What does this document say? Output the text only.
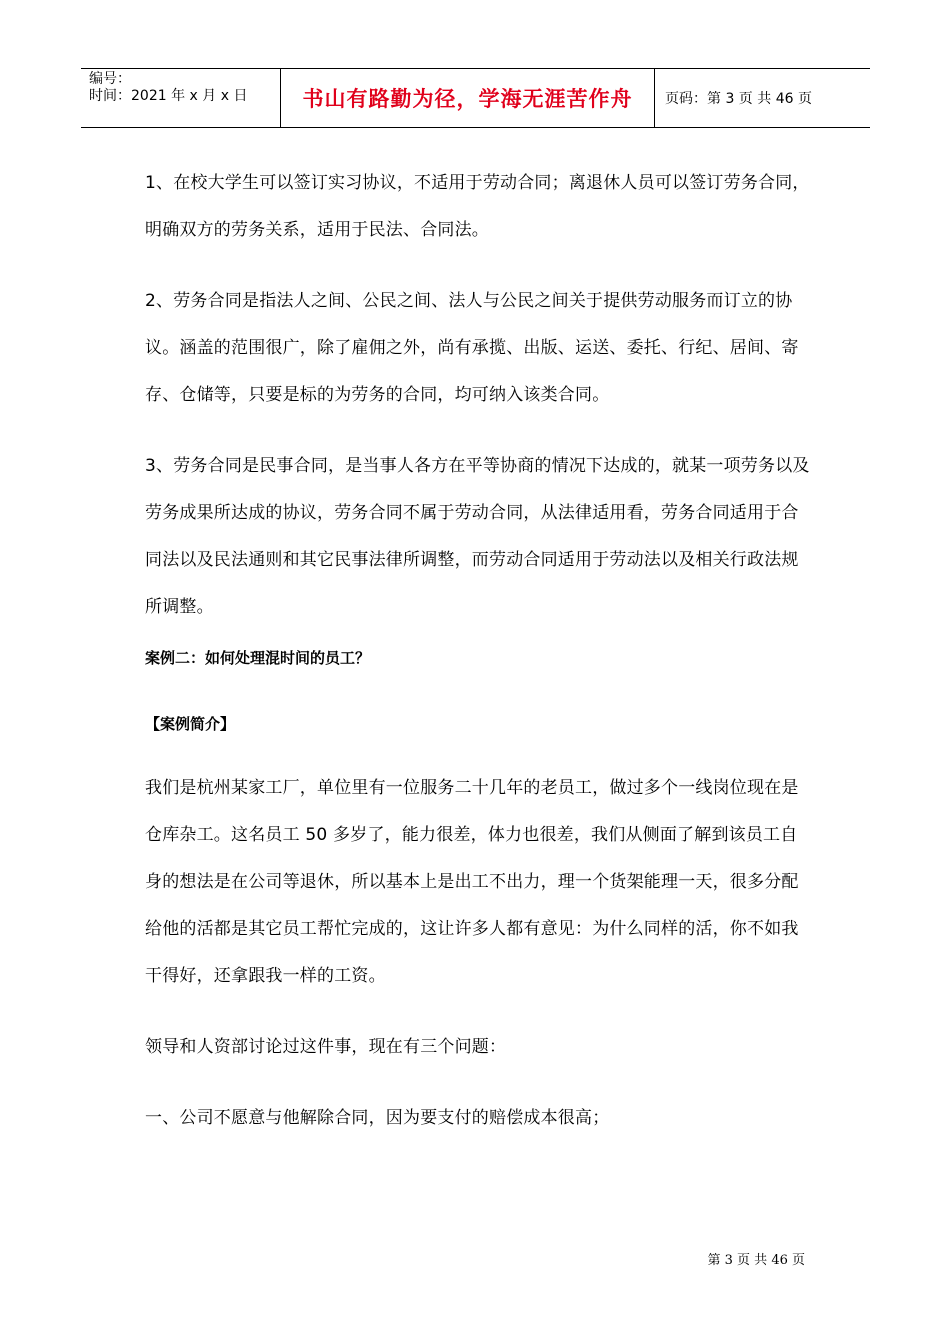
编号：
时间：2021 年 x 月 x 日	书山有路勤为径，学海无涯苦作舟	页码：第 3 页 共 46 页

1、在校大学生可以签订实习协议，不适用于劳动合同；离退休人员可以签订劳务合同，明确双方的劳务关系，适用于民法、合同法。

2、劳务合同是指法人之间、公民之间、法人与公民之间关于提供劳动服务而订立的协议。涵盖的范围很广，除了雇佣之外，尚有承揽、出版、运送、委托、行纪、居间、寄存、仓储等，只要是标的为劳务的合同，均可纳入该类合同。

3、劳务合同是民事合同，是当事人各方在平等协商的情况下达成的，就某一项劳务以及劳务成果所达成的协议，劳务合同不属于劳动合同，从法律适用看，劳务合同适用于合同法以及民法通则和其它民事法律所调整，而劳动合同适用于劳动法以及相关行政法规所调整。

案例二：如何处理混时间的员工？

【案例简介】

我们是杭州某家工厂，单位里有一位服务二十几年的老员工，做过多个一线岗位现在是仓库杂工。这名员工 50 多岁了，能力很差，体力也很差，我们从侧面了解到该员工自身的想法是在公司等退休，所以基本上是出工不出力，理一个货架能理一天，很多分配给他的活都是其它员工帮忙完成的，这让许多人都有意见：为什么同样的活，你不如我干得好，还拿跟我一样的工资。

领导和人资部讨论过这件事，现在有三个问题：

一、公司不愿意与他解除合同，因为要支付的赔偿成本很高；

第 3 页 共 46 页
